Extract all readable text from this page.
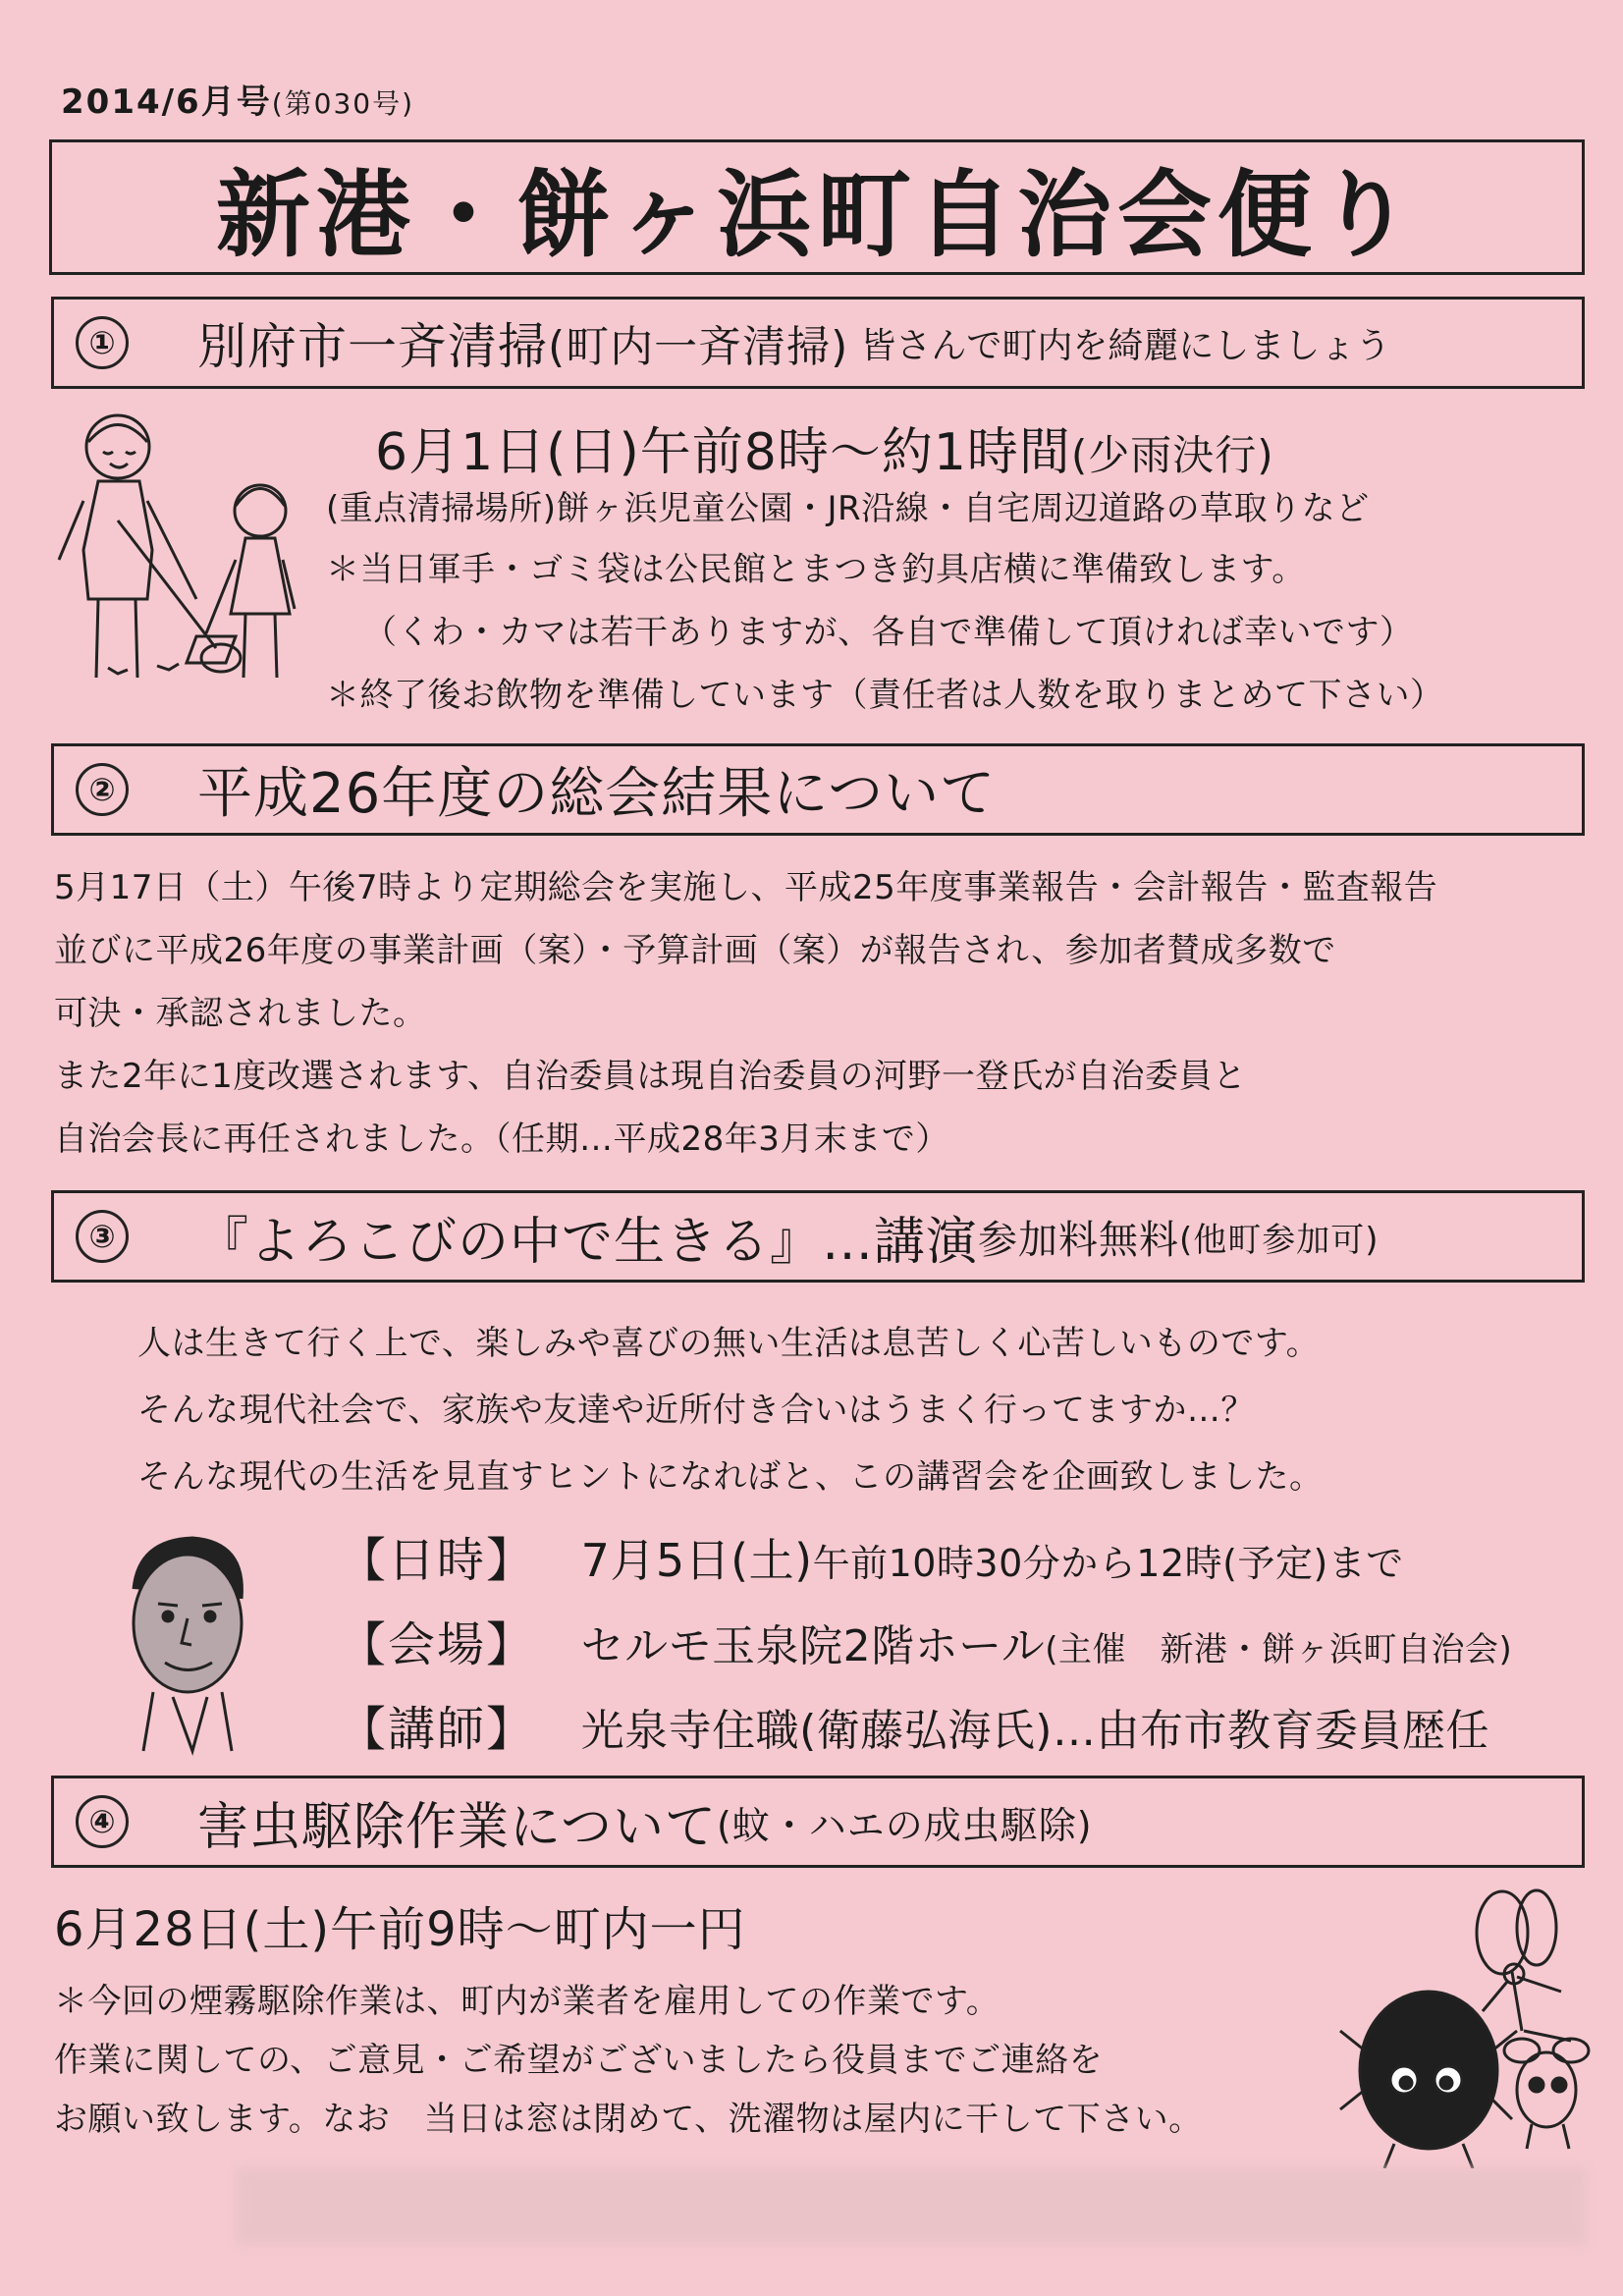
2014/6月号(第030号)
新港・餅ヶ浜町自治会便り
① 別府市一斉清掃 (町内一斉清掃) 皆さんで町内を綺麗にしましょう
6月1日(日)午前8時～約1時間(少雨決行)
(重点清掃場所)餅ヶ浜児童公園・JR沿線・自宅周辺道路の草取りなど
＊当日軍手・ゴミ袋は公民館とまつき釣具店横に準備致します。
（くわ・カマは若干ありますが、各自で準備して頂ければ幸いです）
＊終了後お飲物を準備しています（責任者は人数を取りまとめて下さい）
② 平成26年度の総会結果について
5月17日（土）午後7時より定期総会を実施し、平成25年度事業報告・会計報告・監査報告
並びに平成26年度の事業計画（案）・予算計画（案）が報告され、参加者賛成多数で
可決・承認されました。
また2年に1度改選されます、自治委員は現自治委員の河野一登氏が自治委員と
自治会長に再任されました。（任期…平成28年3月末まで）
③ 『よろこびの中で生きる』…講演 参加料無料 (他町参加可)
人は生きて行く上で、楽しみや喜びの無い生活は息苦しく心苦しいものです。
そんな現代社会で、家族や友達や近所付き合いはうまく行ってますか…？
そんな現代の生活を見直すヒントになればと、この講習会を企画致しました。
【日時】 7月5日(土)午前10時30分から12時(予定)まで
【会場】 セルモ玉泉院2階ホール(主催　新港・餅ヶ浜町自治会)
【講師】 光泉寺住職(衛藤弘海氏)…由布市教育委員歴任
④ 害虫駆除作業について (蚊・ハエの成虫駆除)
6月28日(土)午前9時～町内一円
＊今回の煙霧駆除作業は、町内が業者を雇用しての作業です。
作業に関しての、ご意見・ご希望がございましたら役員までご連絡を
お願い致します。なお　当日は窓は閉めて、洗濯物は屋内に干して下さい。
